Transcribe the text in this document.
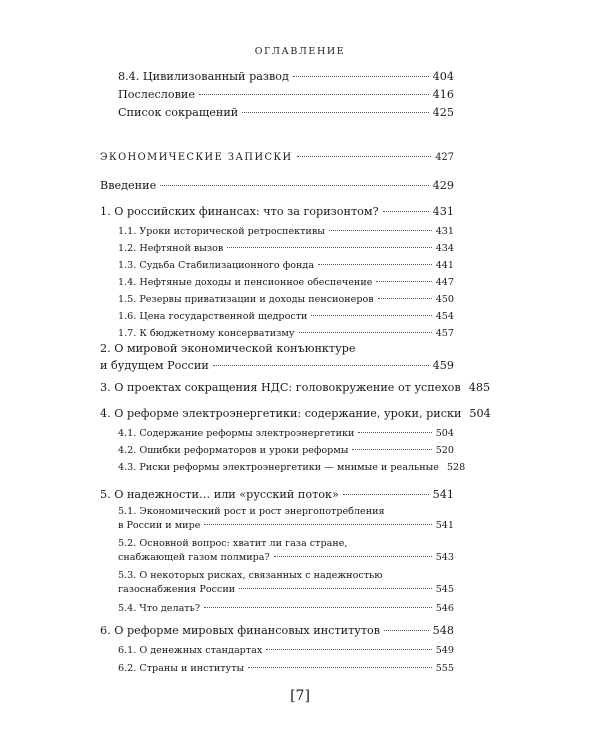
ОГЛАВЛЕНИЕ
8.4. Цивилизованный развод	404
Послесловие	416
Список сокращений	425
ЭКОНОМИЧЕСКИЕ ЗАПИСКИ	427
Введение	429
1. О российских финансах: что за горизонтом?	431
1.1. Уроки исторической ретроспективы	431
1.2. Нефтяной вызов	434
1.3. Судьба Стабилизационного фонда	441
1.4. Нефтяные доходы и пенсионное обеспечение	447
1.5. Резервы приватизации и доходы пенсионеров	450
1.6. Цена государственной щедрости	454
1.7. К бюджетному консерватизму	457
2. О мировой экономической конъюнктуре
и будущем России	459
3. О проектах сокращения НДС: головокружение от успехов 485
4. О реформе электроэнергетики: содержание, уроки, риски 504
4.1. Содержание реформы электроэнергетики	504
4.2. Ошибки реформаторов и уроки реформы	520
4.3. Риски реформы электроэнергетики — мнимые и реальные 528
5. О надежности… или «русский поток»	541
5.1. Экономический рост и рост энергопотребления
в России и мире	541
5.2. Основной вопрос: хватит ли газа стране,
снабжающей газом полмира?	543
5.3. О некоторых рисках, связанных с надежностью
газоснабжения России	545
5.4. Что делать?	546
6. О реформе мировых финансовых институтов	548
6.1. О денежных стандартах	549
6.2. Страны и институты	555
[7]
